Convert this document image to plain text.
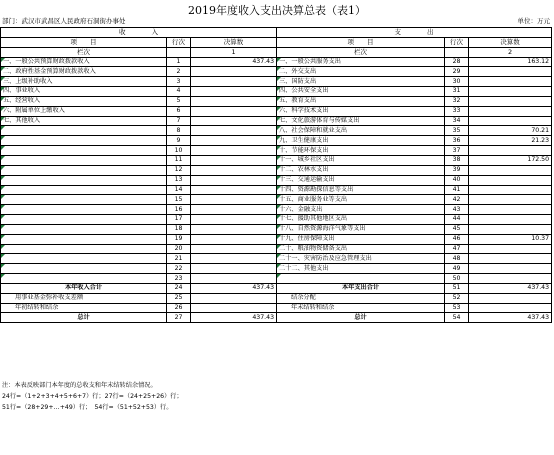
2019年度收入支出决算总表（表1）
部门：武汉市武昌区人民政府石洞街办事处	单位：万元
收　　　　入			支　　　　出		
项　　目	行次	决算数	项　　目	行次	决算数
栏次		1	栏次		2
一、一般公共预算财政拨款收入	1	437.43	一、一般公共服务支出	28	163.12
二、政府性基金预算财政拨款收入	2		二、外交支出	29	
三、上级补助收入	3		三、国防支出	30	
四、事业收入	4		四、公共安全支出	31	
五、经营收入	5		五、教育支出	32	
六、附属单位上缴收入	6		六、科学技术支出	33	
七、其他收入	7		七、文化旅游体育与传媒支出	34	
	8		八、社会保障和就业支出	35	70.21
	9		九、卫生健康支出	36	21.23
	10		十、节能环保支出	37	
	11		十一、城乡社区支出	38	172.50
	12		十二、农林水支出	39	
	13		十三、交通运输支出	40	
	14		十四、资源勘探信息等支出	41	
	15		十五、商业服务业等支出	42	
	16		十六、金融支出	43	
	17		十七、援助其他地区支出	44	
	18		十八、自然资源海洋气象等支出	45	
	19		十九、住房保障支出	46	10.37
	20		二十、粮油物资储备支出	47	
	21		二十一、灾害防治及应急管理支出	48	
	22		二十二、其他支出	49	
	23			50	
本年收入合计	24	437.43	本年支出合计	51	437.43
用事业基金弥补收支差额	25		结余分配	52	
年初结转和结余	26		年末结转和结余	53	
总计	27	437.43	总计	54	437.43
注：本表反映部门本年度的总收支和年末结转结余情况。
24行=（1+2+3+4+5+6+7）行；27行=（24+25+26）行；
51行=（28+29+…+49）行；　54行=（51+52+53）行。
